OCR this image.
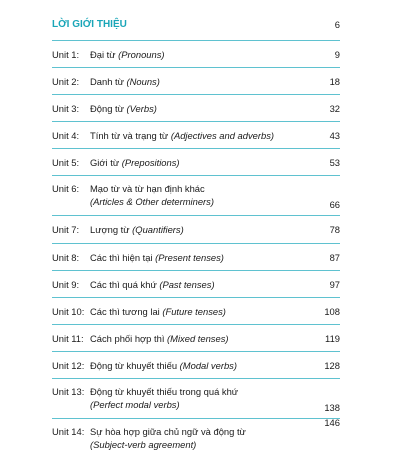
LỜI GIỚI THIỆU	6
Unit 1:	Đại từ (Pronouns)	9
Unit 2:	Danh từ (Nouns)	18
Unit 3:	Động từ (Verbs)	32
Unit 4:	Tính từ và trạng từ (Adjectives and adverbs)	43
Unit 5:	Giới từ (Prepositions)	53
Unit 6:	Mạo từ và từ hạn định khác
(Articles & Other determiners)	66
Unit 7:	Lượng từ (Quantifiers)	78
Unit 8:	Các thì hiện tại (Present tenses)	87
Unit 9:	Các thì quá khứ (Past tenses)	97
Unit 10: Các thì tương lai (Future tenses)	108
Unit 11: Cách phối hợp thì (Mixed tenses)	119
Unit 12: Động từ khuyết thiếu (Modal verbs)	128
Unit 13: Động từ khuyết thiếu trong quá khứ
(Perfect modal verbs)	138
Unit 14: Sự hòa hợp giữa chủ ngữ và động từ
(Subject-verb agreement)
146
